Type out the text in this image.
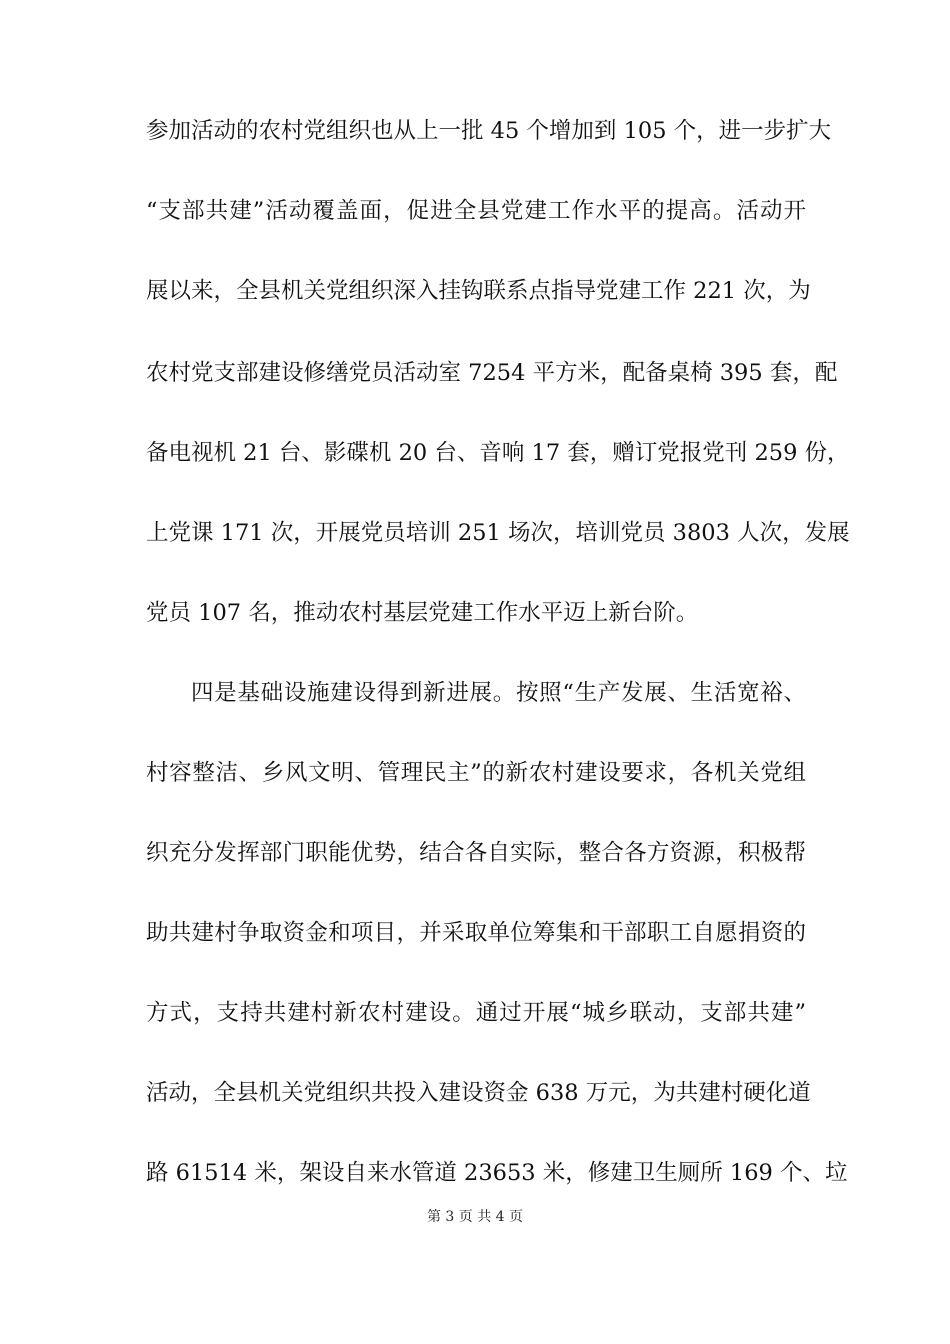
参加活动的农村党组织也从上一批 45 个增加到 105 个，进一步扩大
“支部共建”活动覆盖面，促进全县党建工作水平的提高。活动开
展以来，全县机关党组织深入挂钩联系点指导党建工作 221 次，为
农村党支部建设修缮党员活动室 7254 平方米，配备桌椅 395 套，配
备电视机 21 台、影碟机 20 台、音响 17 套，赠订党报党刊 259 份，
上党课 171 次，开展党员培训 251 场次，培训党员 3803 人次，发展
党员 107 名，推动农村基层党建工作水平迈上新台阶。
四是基础设施建设得到新进展。按照“生产发展、生活宽裕、
村容整洁、乡风文明、管理民主”的新农村建设要求，各机关党组
织充分发挥部门职能优势，结合各自实际，整合各方资源，积极帮
助共建村争取资金和项目，并采取单位筹集和干部职工自愿捐资的
方式，支持共建村新农村建设。通过开展“城乡联动，支部共建”
活动，全县机关党组织共投入建设资金 638 万元，为共建村硬化道
路 61514 米，架设自来水管道 23653 米，修建卫生厕所 169 个、垃
第 3 页 共 4 页
